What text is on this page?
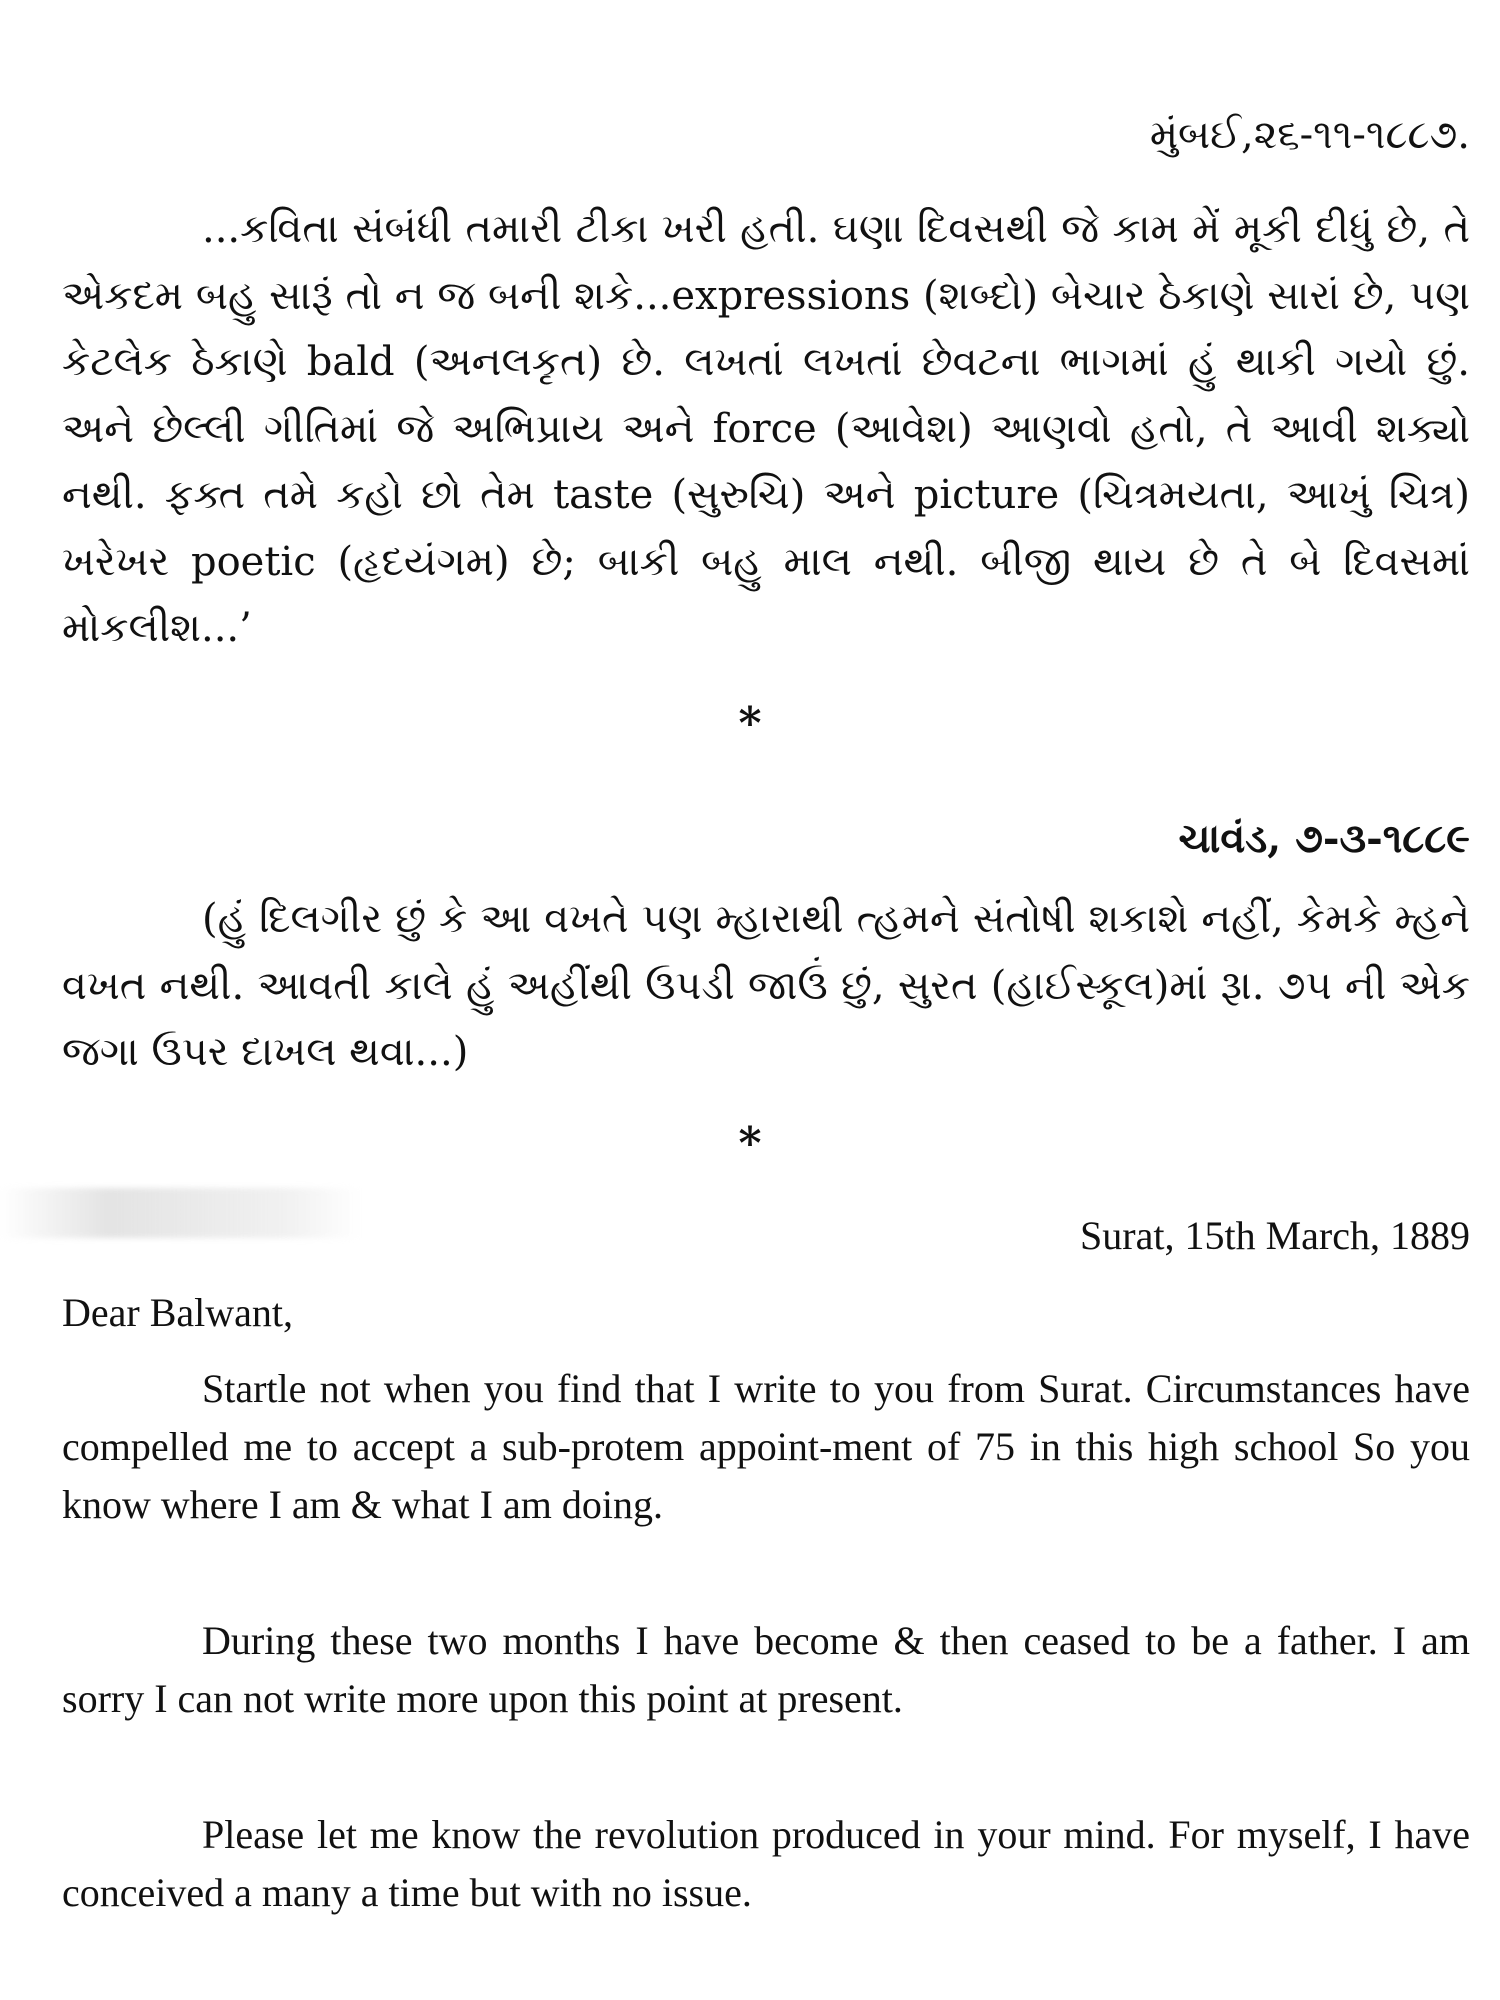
મુંબઈ,૨૬-૧૧-૧૮૮૭.

...કવિતા સંબંધી તમારી ટીકા ખરી હતી. ઘણા દિવસથી જે કામ મેં મૂકી દીધું છે, તે એકદમ બહુ સારૂં તો ન જ બની શકે...expressions (શબ્દો) બેચાર ઠેકાણે સારાં છે, પણ કેટલેક ઠેકાણે bald (અનલકૃત) છે. લખતાં લખતાં છેવટના ભાગમાં હું થાકી ગયો છું. અને છેલ્લી ગીતિમાં જે અભિપ્રાય અને force (આવેશ) આણવો હતો, તે આવી શક્યો નથી. ફક્ત તમે કહો છો તેમ taste (સુરુચિ) અને picture (ચિત્રમયતા, આખું ચિત્ર) ખરેખર poetic (હૃદયંગમ) છે; બાકી બહુ માલ નથી. બીજી થાય છે તે બે દિવસમાં મોકલીશ...’

*
ચાવંડ, ૭-૩-૧૮૮૯

(હું દિલગીર છું કે આ વખતે પણ મ્હારાથી ત્હમને સંતોષી શકાશે નહીં, કેમકે મ્હને વખત નથી. આવતી કાલે હું અહીંથી ઉપડી જાઉં છું, સુરત (હાઈસ્કૂલ)માં રૂા. ૭૫ ની એક જગા ઉપર દાખલ થવા...)

*
Surat, 15th March, 1889
Dear Balwant,

Startle not when you find that I write to you from Surat. Circumstances have compelled me to accept a sub-protem appoint-ment of 75 in this high school So you know where I am & what I am doing.

During these two months I have become & then ceased to be a father. I am sorry I can not write more upon this point at present.

Please let me know the revolution produced in your mind. For myself, I have conceived a many a time but with no issue.
